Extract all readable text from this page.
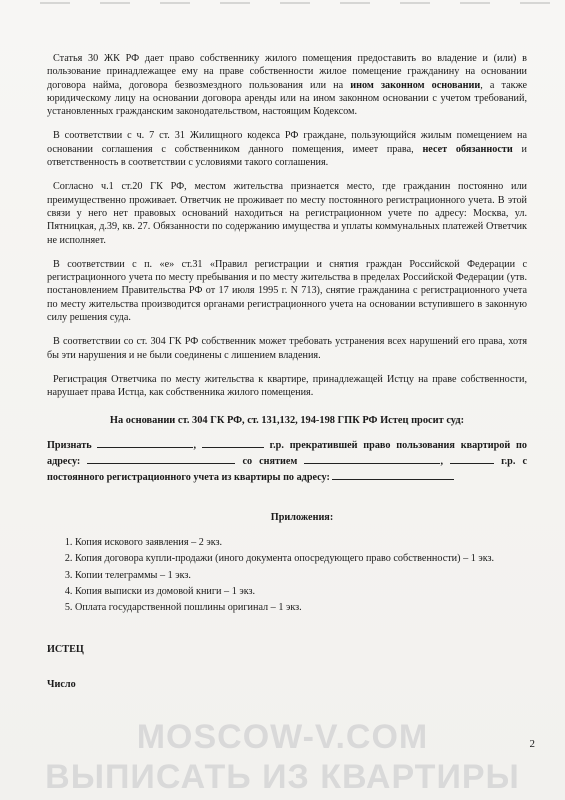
Статья 30 ЖК РФ дает право собственнику жилого помещения предоставить во владение и (или) в пользование принадлежащее ему на праве собственности жилое помещение гражданину на основании договора найма, договора безвозмездного пользования или на ином законном основании, а также юридическому лицу на основании договора аренды или на ином законном основании с учетом требований, установленных гражданским законодательством, настоящим Кодексом.

В соответствии с ч. 7 ст. 31 Жилищного кодекса РФ граждане, пользующийся жилым помещением на основании соглашения с собственником данного помещения, имеет права, несет обязанности и ответственность в соответствии с условиями такого соглашения.

Согласно ч.1 ст.20 ГК РФ, местом жительства признается место, где гражданин постоянно или преимущественно проживает. Ответчик не проживает по месту постоянного регистрационного учета. В этой связи у него нет правовых оснований находиться на регистрационном учете по адресу: Москва, ул. Пятницкая, д.39, кв. 27. Обязанности по содержанию имущества и уплаты коммунальных платежей Ответчик не исполняет.

В соответствии с п. «е» ст.31 «Правил регистрации и снятия граждан Российской Федерации с регистрационного учета по месту пребывания и по месту жительства в пределах Российской Федерации (утв. постановлением Правительства РФ от 17 июля 1995 г. N 713), снятие гражданина с регистрационного учета по месту жительства производится органами регистрационного учета на основании вступившего в законную силу решения суда.

В соответствии со ст. 304 ГК РФ собственник может требовать устранения всех нарушений его права, хотя бы эти нарушения и не были соединены с лишением владения.

Регистрация Ответчика по месту жительства к квартире, принадлежащей Истцу на праве собственности, нарушает права Истца, как собственника жилого помещения.

На основании ст. 304 ГК РФ, ст. 131,132, 194-198 ГПК РФ Истец просит суд:
Признать	,	г.р. прекратившей право пользования квартирой по адресу:	со снятием	,	г.р. с постоянного регистрационного учета из квартиры по адресу:
Приложения:
1. Копия искового заявления – 2 экз.
2. Копия договора купли-продажи (иного документа опосредующего право собственности) – 1 экз.
3. Копии телеграммы – 1 экз.
4. Копия выписки из домовой книги – 1 экз.
5. Оплата государственной пошлины оригинал – 1 экз.
ИСТЕЦ
Число
MOSCOW-V.COM
ВЫПИСАТЬ ИЗ КВАРТИРЫ
2
